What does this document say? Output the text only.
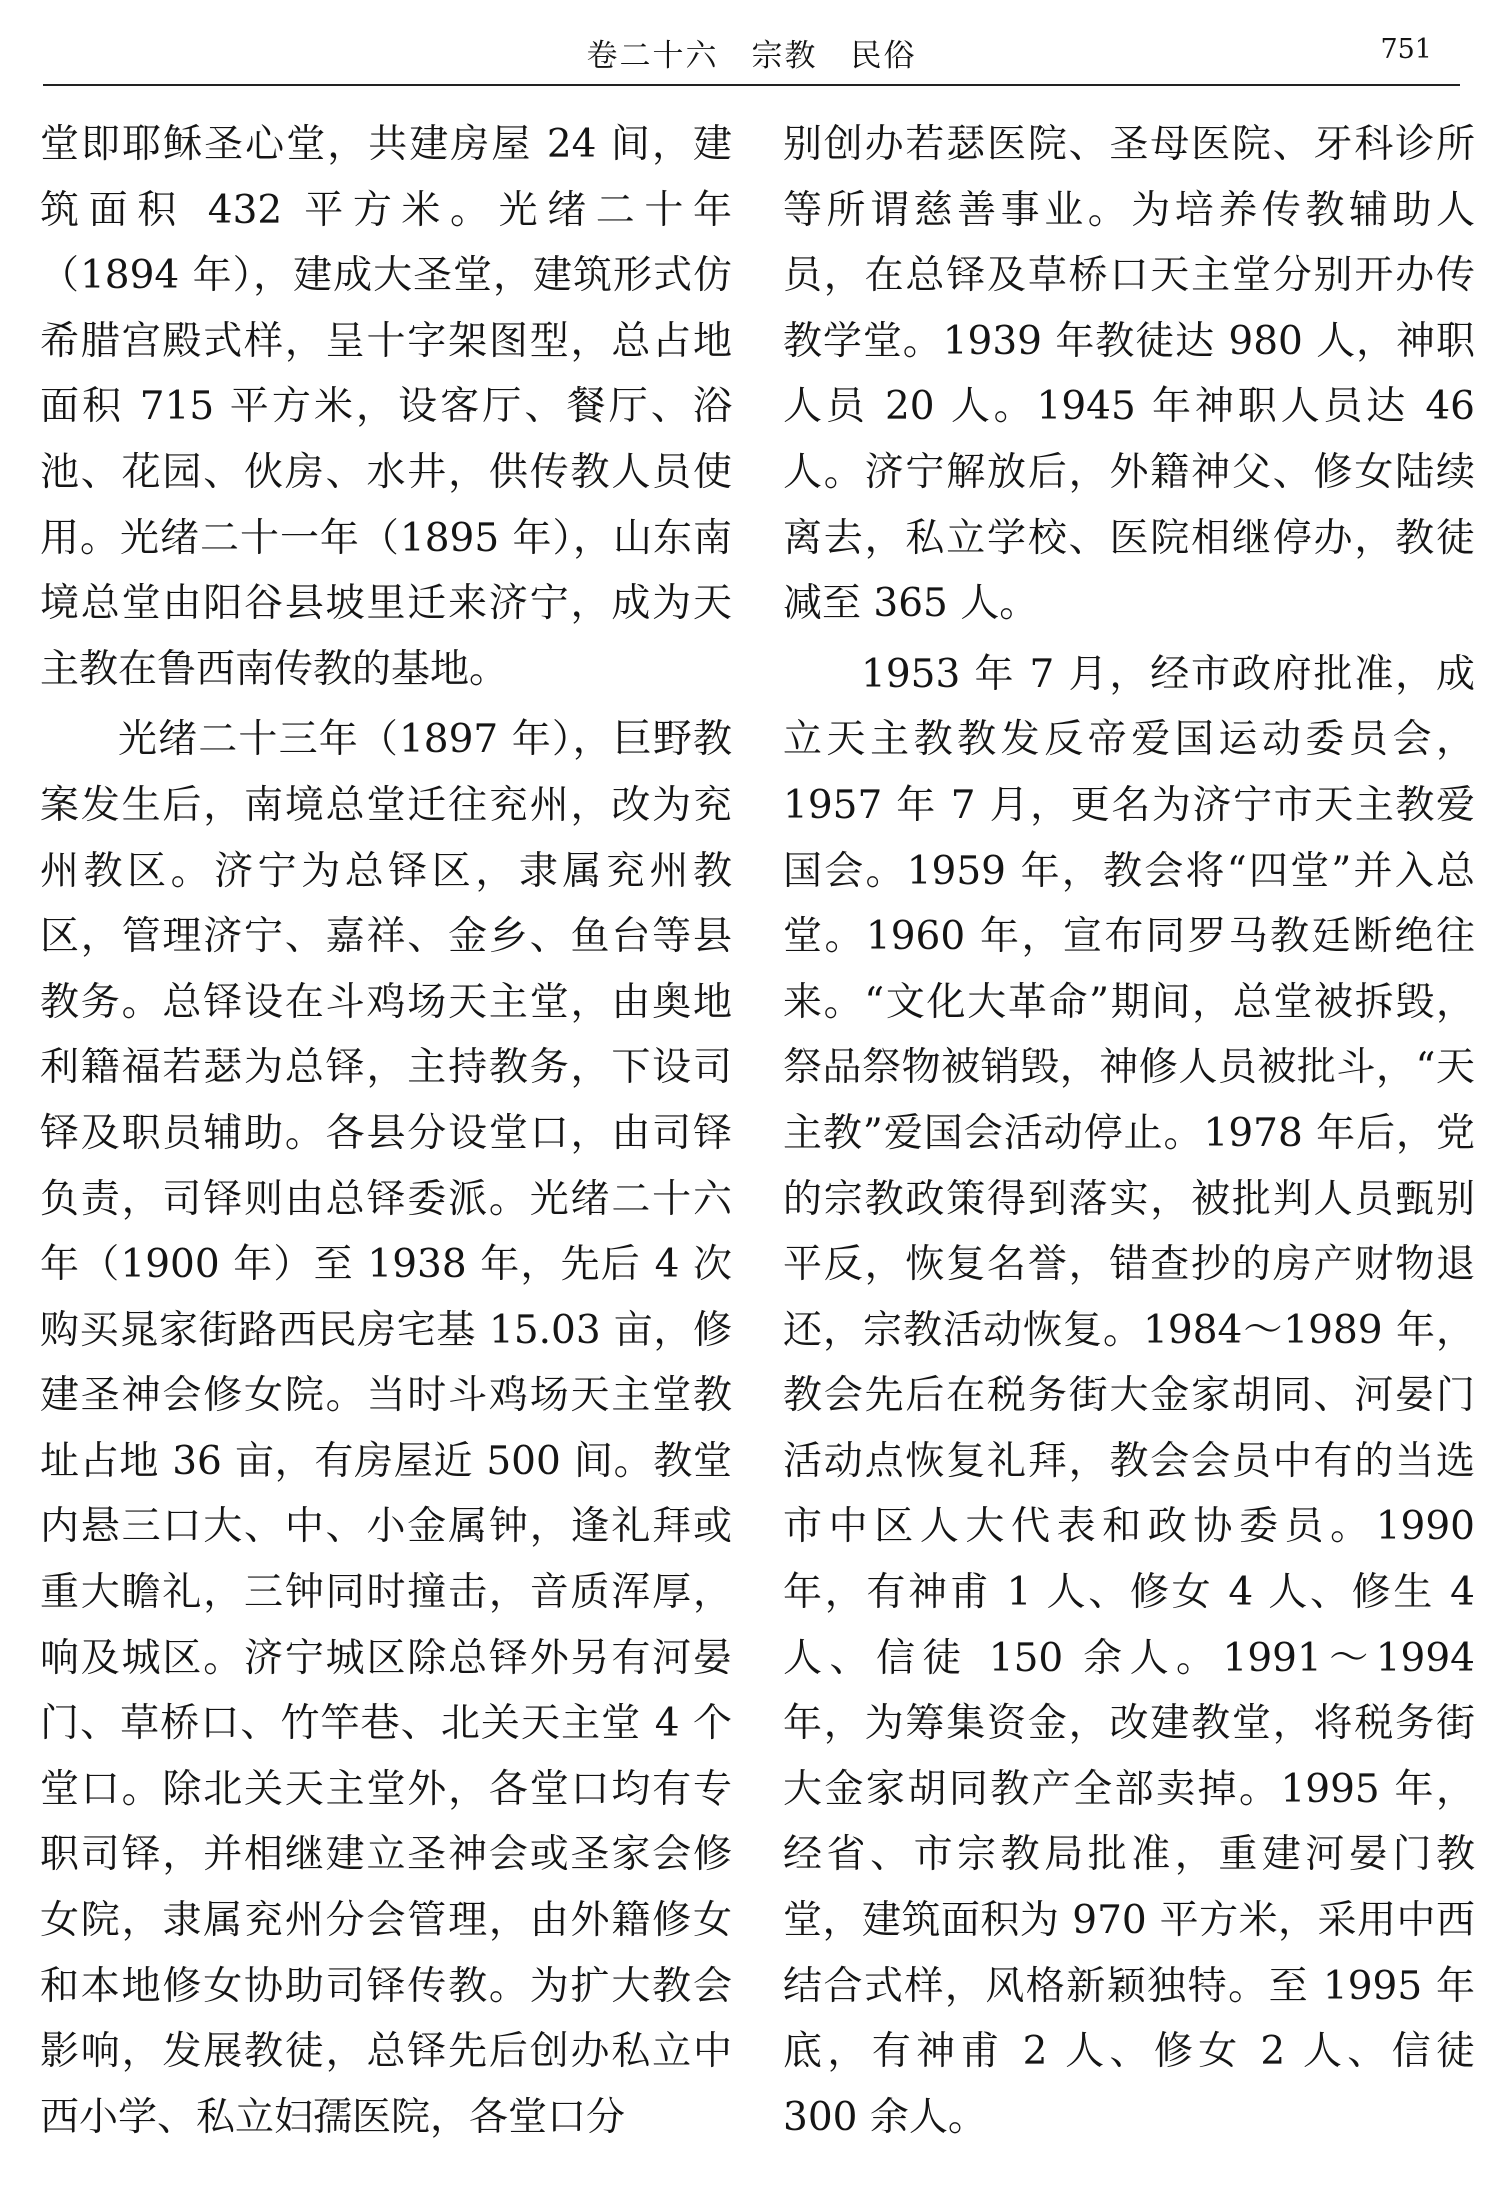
卷二十六　宗教　民俗	751

堂即耶稣圣心堂，共建房屋 24 间，建筑面积 432 平方米。光绪二十年（1894 年），建成大圣堂，建筑形式仿希腊宫殿式样，呈十字架图型，总占地面积 715 平方米，设客厅、餐厅、浴池、花园、伙房、水井，供传教人员使用。光绪二十一年（1895 年），山东南境总堂由阳谷县坡里迁来济宁，成为天主教在鲁西南传教的基地。

光绪二十三年（1897 年），巨野教案发生后，南境总堂迁往兖州，改为兖州教区。济宁为总铎区，隶属兖州教区，管理济宁、嘉祥、金乡、鱼台等县教务。总铎设在斗鸡场天主堂，由奥地利籍福若瑟为总铎，主持教务，下设司铎及职员辅助。各县分设堂口，由司铎负责，司铎则由总铎委派。光绪二十六年（1900 年）至 1938 年，先后 4 次购买晁家街路西民房宅基 15.03 亩，修建圣神会修女院。当时斗鸡场天主堂教址占地 36 亩，有房屋近 500 间。教堂内悬三口大、中、小金属钟，逢礼拜或重大瞻礼，三钟同时撞击，音质浑厚，响及城区。济宁城区除总铎外另有河晏门、草桥口、竹竿巷、北关天主堂 4 个堂口。除北关天主堂外，各堂口均有专职司铎，并相继建立圣神会或圣家会修女院，隶属兖州分会管理，由外籍修女和本地修女协助司铎传教。为扩大教会影响，发展教徒，总铎先后创办私立中西小学、私立妇孺医院，各堂口分

别创办若瑟医院、圣母医院、牙科诊所等所谓慈善事业。为培养传教辅助人员，在总铎及草桥口天主堂分别开办传教学堂。1939 年教徒达 980 人，神职人员 20 人。1945 年神职人员达 46 人。济宁解放后，外籍神父、修女陆续离去，私立学校、医院相继停办，教徒减至 365 人。

1953 年 7 月，经市政府批准，成立天主教教发反帝爱国运动委员会，1957 年 7 月，更名为济宁市天主教爱国会。1959 年，教会将“四堂”并入总堂。1960 年，宣布同罗马教廷断绝往来。“文化大革命”期间，总堂被拆毁，祭品祭物被销毁，神修人员被批斗，“天主教”爱国会活动停止。1978 年后，党的宗教政策得到落实，被批判人员甄别平反，恢复名誉，错查抄的房产财物退还，宗教活动恢复。1984～1989 年，教会先后在税务街大金家胡同、河晏门活动点恢复礼拜，教会会员中有的当选市中区人大代表和政协委员。1990 年，有神甫 1 人、修女 4 人、修生 4 人、信徒 150 余人。1991～1994 年，为筹集资金，改建教堂，将税务街大金家胡同教产全部卖掉。1995 年，经省、市宗教局批准，重建河晏门教堂，建筑面积为 970 平方米，采用中西结合式样，风格新颖独特。至 1995 年底，有神甫 2 人、修女 2 人、信徒 300 余人。
